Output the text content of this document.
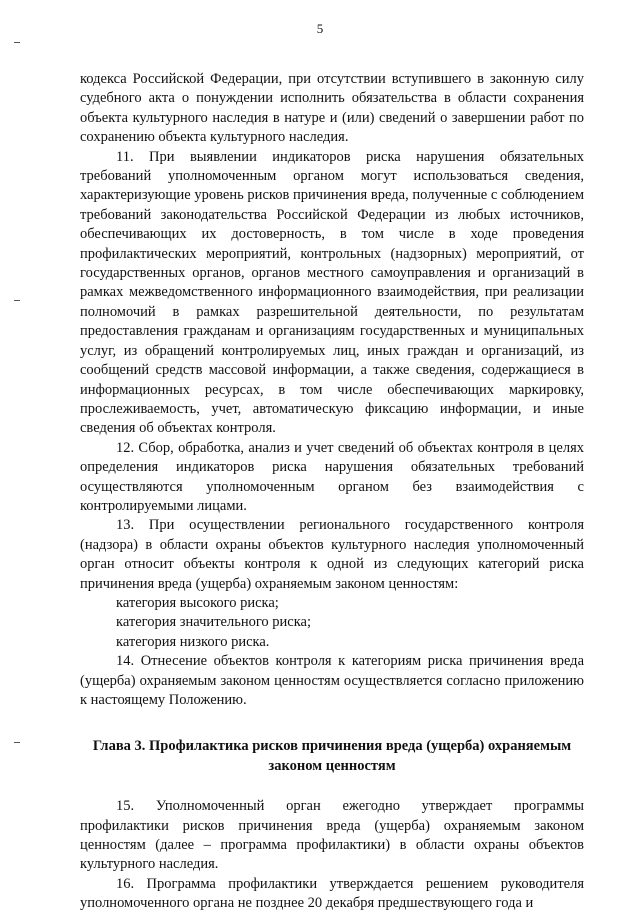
5

кодекса Российской Федерации, при отсутствии вступившего в законную силу судебного акта о понуждении исполнить обязательства в области сохранения объекта культурного наследия в натуре и (или) сведений о завершении работ по сохранению объекта культурного наследия.

11. При выявлении индикаторов риска нарушения обязательных требований уполномоченным органом могут использоваться сведения, характеризующие уровень рисков причинения вреда, полученные с соблюдением требований законодательства Российской Федерации из любых источников, обеспечивающих их достоверность, в том числе в ходе проведения профилактических мероприятий, контрольных (надзорных) мероприятий, от государственных органов, органов местного самоуправления и организаций в рамках межведомственного информационного взаимодействия, при реализации полномочий в рамках разрешительной деятельности, по результатам предоставления гражданам и организациям государственных и муниципальных услуг, из обращений контролируемых лиц, иных граждан и организаций, из сообщений средств массовой информации, а также сведения, содержащиеся в информационных ресурсах, в том числе обеспечивающих маркировку, прослеживаемость, учет, автоматическую фиксацию информации, и иные сведения об объектах контроля.

12. Сбор, обработка, анализ и учет сведений об объектах контроля в целях определения индикаторов риска нарушения обязательных требований осуществляются уполномоченным органом без взаимодействия с контролируемыми лицами.

13. При осуществлении регионального государственного контроля (надзора) в области охраны объектов культурного наследия уполномоченный орган относит объекты контроля к одной из следующих категорий риска причинения вреда (ущерба) охраняемым законом ценностям:

категория высокого риска;

категория значительного риска;

категория низкого риска.

14. Отнесение объектов контроля к категориям риска причинения вреда (ущерба) охраняемым законом ценностям осуществляется согласно приложению к настоящему Положению.

Глава 3. Профилактика рисков причинения вреда (ущерба) охраняемым законом ценностям

15. Уполномоченный орган ежегодно утверждает программы профилактики рисков причинения вреда (ущерба) охраняемым законом ценностям (далее – программа профилактики) в области охраны объектов культурного наследия.

16. Программа профилактики утверждается решением руководителя уполномоченного органа не позднее 20 декабря предшествующего года и
